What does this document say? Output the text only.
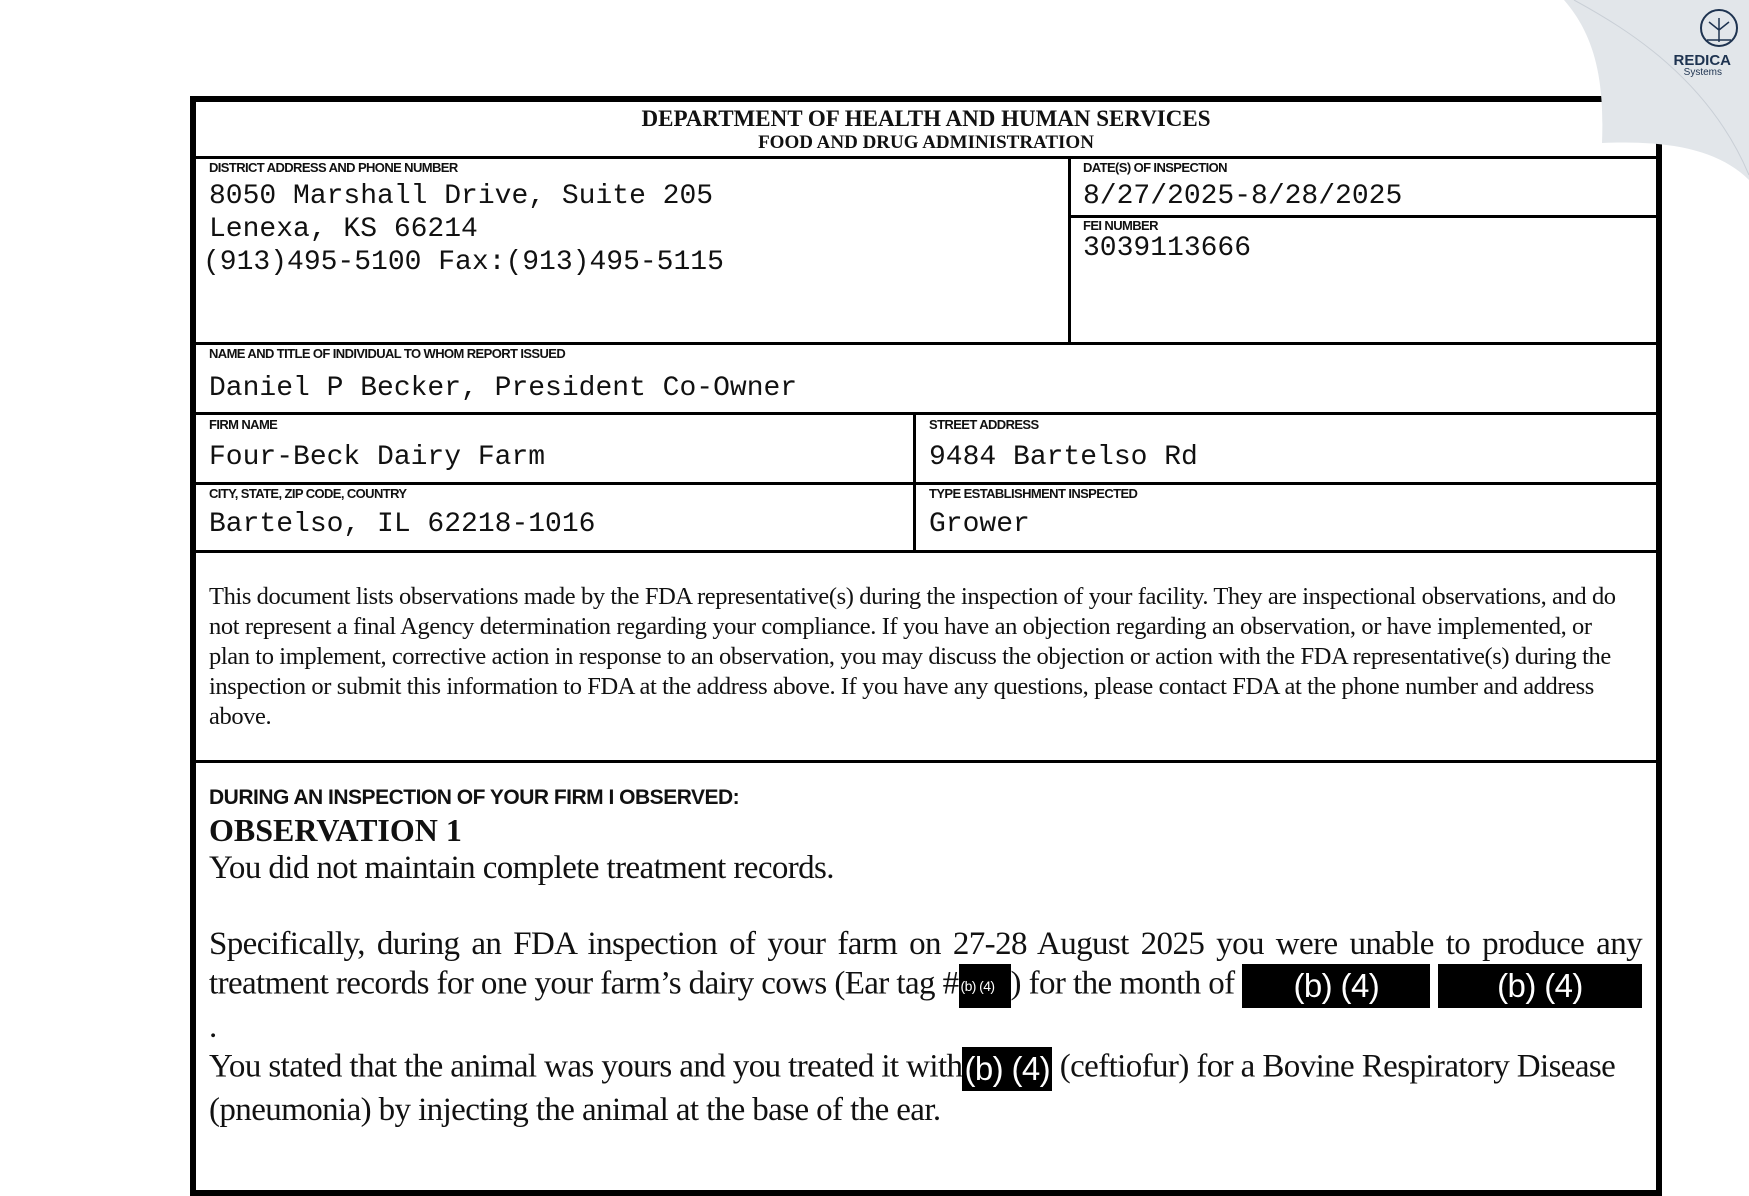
DEPARTMENT OF HEALTH AND HUMAN SERVICES
FOOD AND DRUG ADMINISTRATION
DISTRICT ADDRESS AND PHONE NUMBER
8050 Marshall Drive, Suite 205
Lenexa, KS 66214
(913)495-5100 Fax:(913)495-5115
DATE(S) OF INSPECTION
8/27/2025-8/28/2025
FEI NUMBER
3039113666
NAME AND TITLE OF INDIVIDUAL TO WHOM REPORT ISSUED
Daniel P Becker, President Co-Owner
FIRM NAME
Four-Beck Dairy Farm
STREET ADDRESS
9484 Bartelso Rd
CITY, STATE, ZIP CODE, COUNTRY
Bartelso, IL 62218-1016
TYPE ESTABLISHMENT INSPECTED
Grower
This document lists observations made by the FDA representative(s) during the inspection of your facility. They are inspectional observations, and do not represent a final Agency determination regarding your compliance. If you have an objection regarding an observation, or have implemented, or plan to implement, corrective action in response to an observation, you may discuss the objection or action with the FDA representative(s) during the inspection or submit this information to FDA at the address above. If you have any questions, please contact FDA at the phone number and address above.
DURING AN INSPECTION OF YOUR FIRM I OBSERVED:
OBSERVATION 1
You did not maintain complete treatment records.
Specifically, during an FDA inspection of your farm on 27-28 August 2025 you were unable to produce any treatment records for one your farm’s dairy cows (Ear tag # (b) (4) ) for the month of (b) (4)	(b) (4).
You stated that the animal was yours and you treated it with(b) (4) (ceftiofur) for a Bovine Respiratory Disease (pneumonia) by injecting the animal at the base of the ear.
REDICA
Systems
